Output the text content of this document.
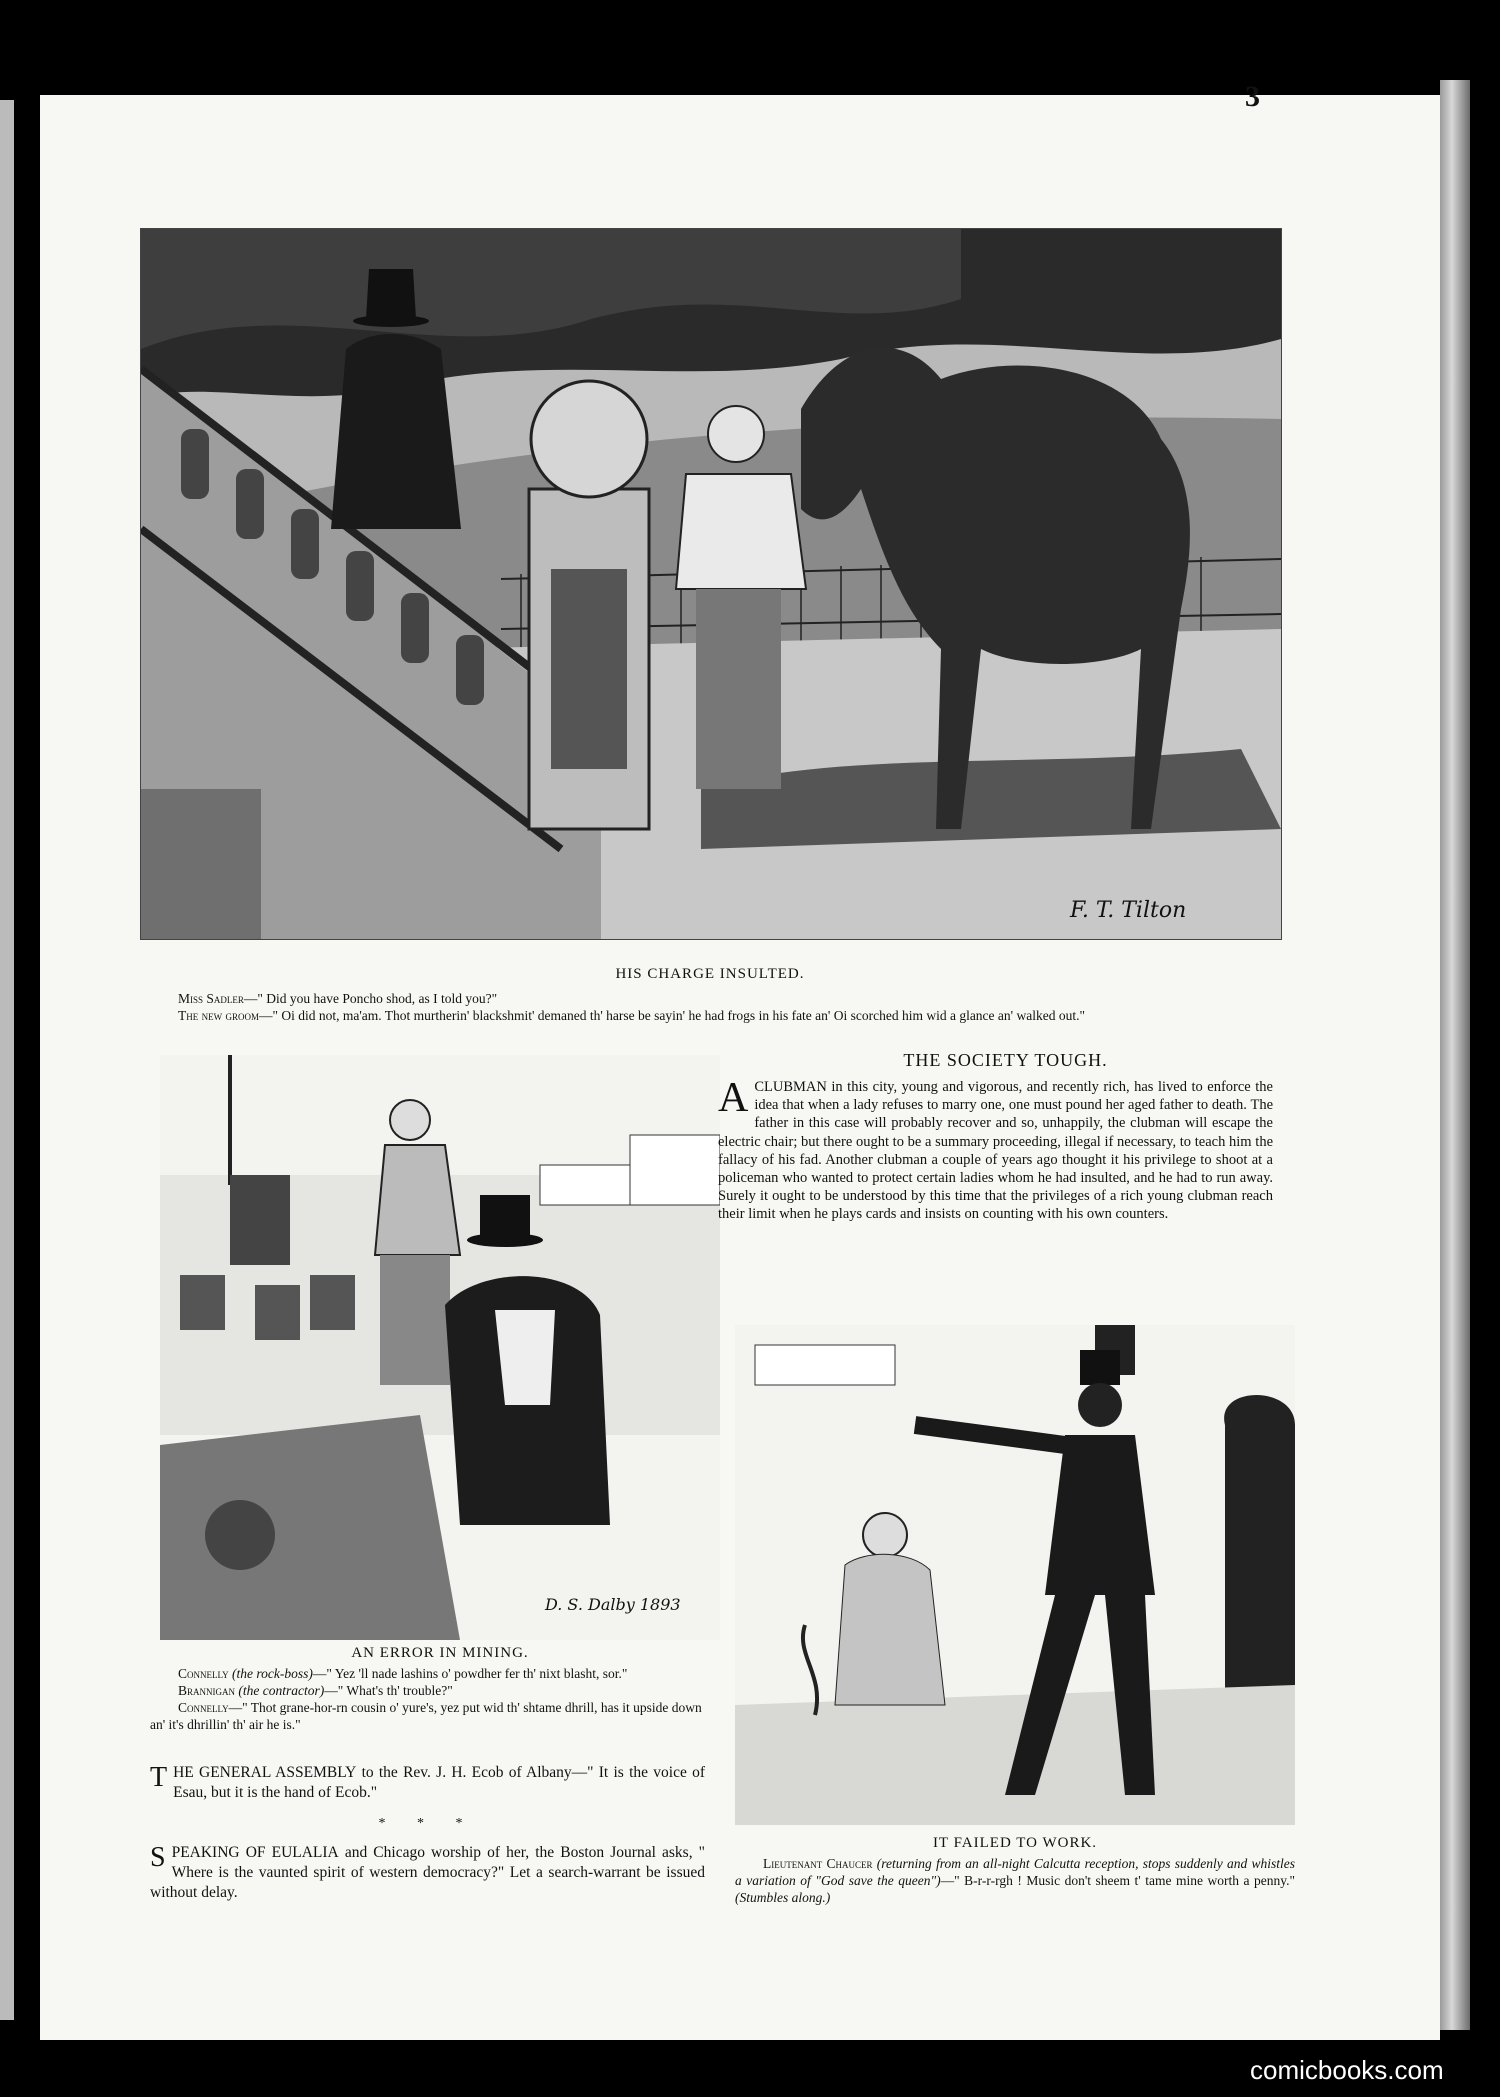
3
F. T. Tilton
HIS CHARGE INSULTED.
Miss Sadler—" Did you have Poncho shod, as I told you?"
The new groom—" Oi did not, ma'am. Thot murtherin' blackshmit' demaned th' harse be sayin' he had frogs in his fate an' Oi scorched him wid a glance an' walked out."
D. S. Dalby 1893
AN ERROR IN MINING.
Connelly (the rock-boss)—" Yez 'll nade lashins o' powdher fer th' nixt blasht, sor."
Brannigan (the contractor)—" What's th' trouble?"
Connelly—" Thot grane-hor-rn cousin o' yure's, yez put wid th' shtame dhrill, has it upside down an' it's dhrillin' th' air he is."
THE GENERAL ASSEMBLY to the Rev. J. H. Ecob of Albany—" It is the voice of Esau, but it is the hand of Ecob."
* * *
SPEAKING OF EULALIA and Chicago worship of her, the Boston Journal asks, " Where is the vaunted spirit of western democracy?" Let a search-warrant be issued without delay.
THE SOCIETY TOUGH.
ACLUBMAN in this city, young and vigorous, and recently rich, has lived to enforce the idea that when a lady refuses to marry one, one must pound her aged father to death. The father in this case will probably recover and so, unhappily, the clubman will escape the electric chair; but there ought to be a summary proceeding, illegal if necessary, to teach him the fallacy of his fad. Another clubman a couple of years ago thought it his privilege to shoot at a policeman who wanted to protect certain ladies whom he had insulted, and he had to run away. Surely it ought to be understood by this time that the privileges of a rich young clubman reach their limit when he plays cards and insists on counting with his own counters.
IT FAILED TO WORK.
Lieutenant Chaucer (returning from an all-night Calcutta reception, stops suddenly and whistles a variation of "God save the queen")—" B-r-r-rgh ! Music don't sheem t' tame mine worth a penny." (Stumbles along.)
comicbooks.com
